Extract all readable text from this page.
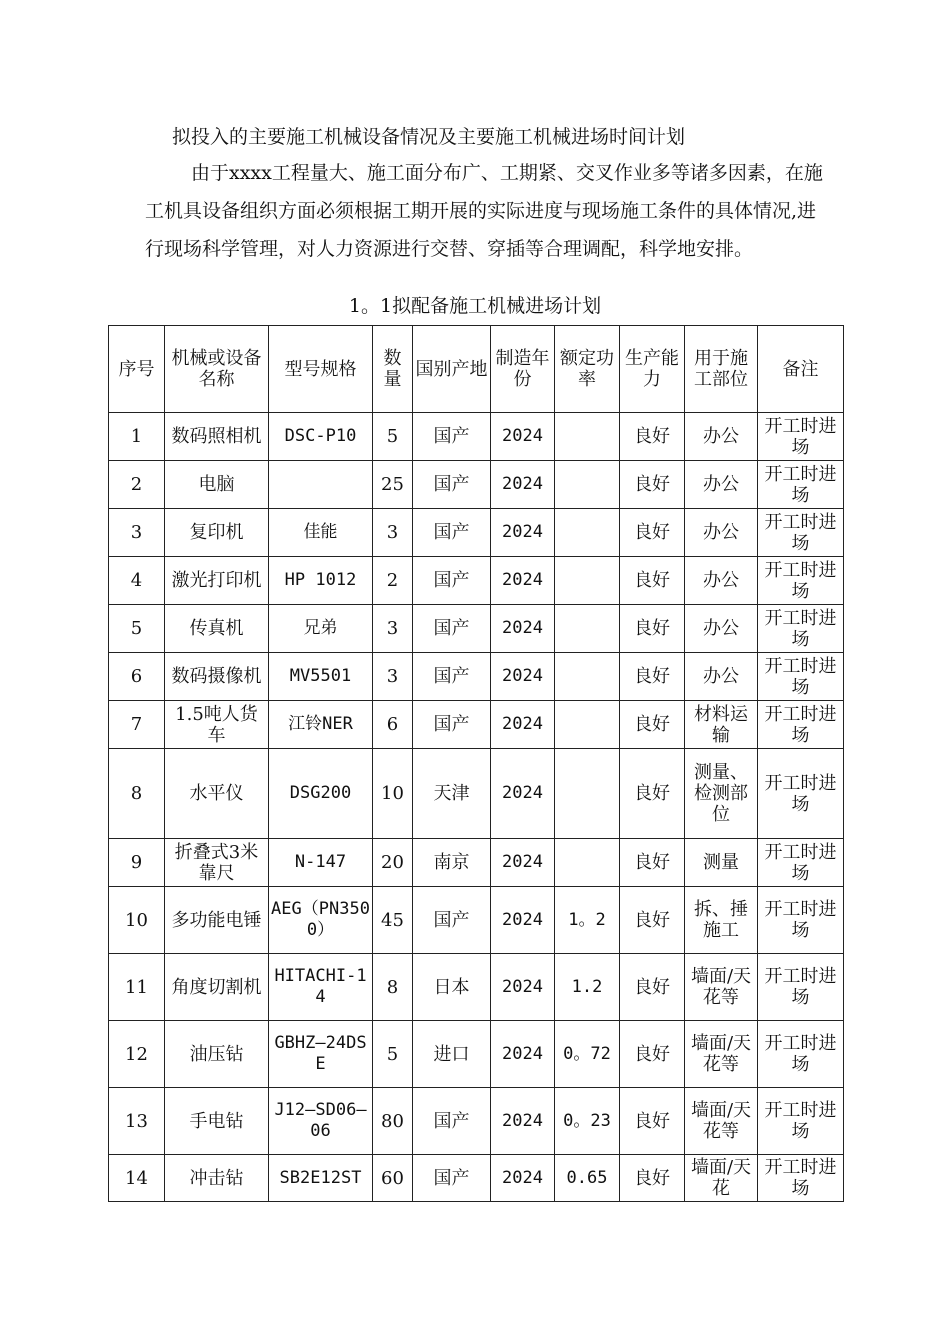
拟投入的主要施工机械设备情况及主要施工机械进场时间计划
由于xxxx工程量大、施工面分布广、工期紧、交叉作业多等诸多因素，在施工机具设备组织方面必须根据工期开展的实际进度与现场施工条件的具体情况,进行现场科学管理，对人力资源进行交替、穿插等合理调配，科学地安排。
1。1拟配备施工机械进场计划
序号	机械或设备名称	型号规格	数量	国别产地	制造年份	额定功率	生产能力	用于施工部位	备注
1	数码照相机	DSC-P10	5	国产	2024		良好	办公	开工时进场
2	电脑		25	国产	2024		良好	办公	开工时进场
3	复印机	佳能	3	国产	2024		良好	办公	开工时进场
4	激光打印机	HP 1012	2	国产	2024		良好	办公	开工时进场
5	传真机	兄弟	3	国产	2024		良好	办公	开工时进场
6	数码摄像机	MV5501	3	国产	2024		良好	办公	开工时进场
7	1.5吨人货车	江铃NER	6	国产	2024		良好	材料运输	开工时进场
8	水平仪	DSG200	10	天津	2024		良好	测量、检测部位	开工时进场
9	折叠式3米靠尺	N-147	20	南京	2024		良好	测量	开工时进场
10	多功能电锤	AEG（PN3500）	45	国产	2024	1。2	良好	拆、捶施工	开工时进场
11	角度切割机	HITACHI-14	8	日本	2024	1.2	良好	墙面/天花等	开工时进场
12	油压钻	GBHZ—24DSE	5	进口	2024	0。72	良好	墙面/天花等	开工时进场
13	手电钻	J12—SD06—06	80	国产	2024	0。23	良好	墙面/天花等	开工时进场
14	冲击钻	SB2E12ST	60	国产	2024	0.65	良好	墙面/天花	开工时进场
